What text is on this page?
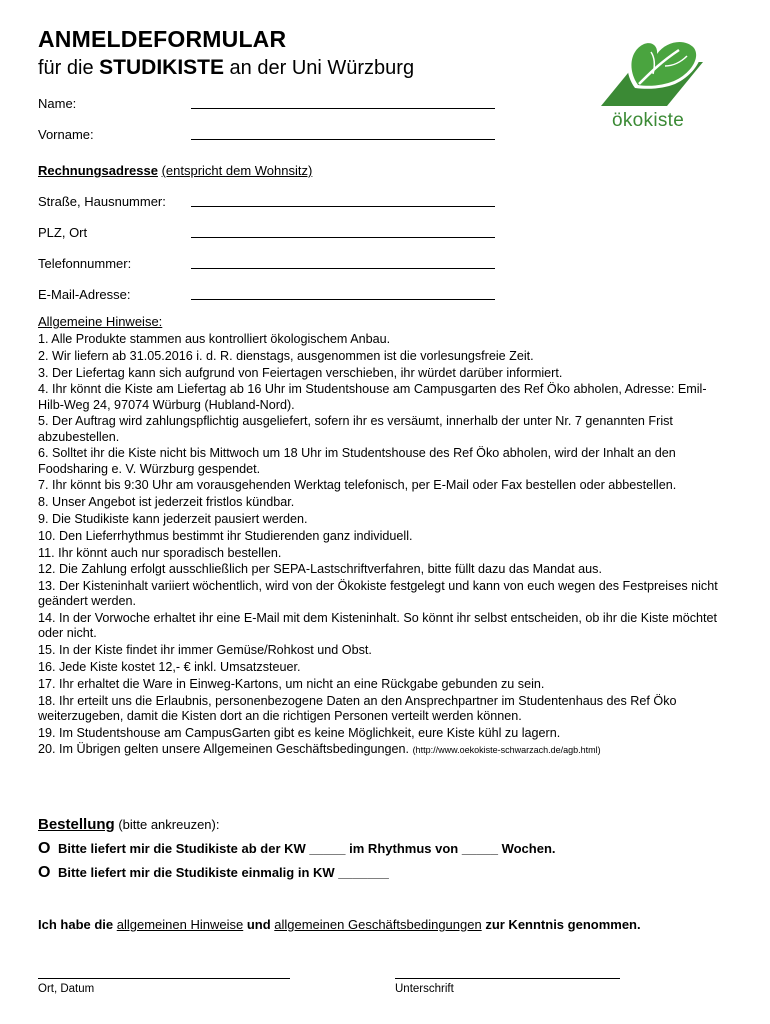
ANMELDEFORMULAR
für die STUDIKISTE an der Uni Würzburg
ökokiste
Name:
Vorname:
Rechnungsadresse (entspricht dem Wohnsitz)
Straße, Hausnummer:
PLZ, Ort
Telefonnummer:
E-Mail-Adresse:
Allgemeine Hinweise:
1. Alle Produkte stammen aus kontrolliert ökologischem Anbau.
2. Wir liefern ab 31.05.2016 i. d. R. dienstags, ausgenommen ist die vorlesungsfreie Zeit.
3. Der Liefertag kann sich aufgrund von Feiertagen verschieben, ihr würdet darüber informiert.
4. Ihr könnt die Kiste am Liefertag ab 16 Uhr im Studentshouse am Campusgarten des Ref Öko abholen, Adresse: Emil-Hilb-Weg 24, 97074 Würburg (Hubland-Nord).
5. Der Auftrag wird zahlungspflichtig ausgeliefert, sofern ihr es versäumt, innerhalb der unter Nr. 7 genannten Frist abzubestellen.
6. Solltet ihr die Kiste nicht bis Mittwoch um 18 Uhr im Studentshouse des Ref Öko abholen, wird der Inhalt an den Foodsharing e. V. Würzburg gespendet.
7. Ihr könnt bis 9:30 Uhr am vorausgehenden Werktag telefonisch, per E-Mail oder Fax bestellen oder abbestellen.
8. Unser Angebot ist jederzeit fristlos kündbar.
9. Die Studikiste kann jederzeit pausiert werden.
10. Den Lieferrhythmus bestimmt ihr Studierenden ganz individuell.
11. Ihr könnt auch nur sporadisch bestellen.
12. Die Zahlung erfolgt ausschließlich per SEPA-Lastschriftverfahren, bitte füllt dazu das Mandat aus.
13. Der Kisteninhalt variiert wöchentlich, wird von der Ökokiste festgelegt und kann von euch wegen des Festpreises nicht geändert werden.
14. In der Vorwoche erhaltet ihr eine E-Mail mit dem Kisteninhalt. So könnt ihr selbst entscheiden, ob ihr die Kiste möchtet oder nicht.
15. In der Kiste findet ihr immer Gemüse/Rohkost und Obst.
16. Jede Kiste kostet 12,- € inkl. Umsatzsteuer.
17. Ihr erhaltet die Ware in Einweg-Kartons, um nicht an eine Rückgabe gebunden zu sein.
18. Ihr erteilt uns die Erlaubnis, personenbezogene Daten an den Ansprechpartner im Studentenhaus des Ref Öko weiterzugeben, damit die Kisten dort an die richtigen Personen verteilt werden können.
19. Im Studentshouse am CampusGarten gibt es keine Möglichkeit, eure Kiste kühl zu lagern.
20. Im Übrigen gelten unsere Allgemeinen Geschäftsbedingungen. (http://www.oekokiste-schwarzach.de/agb.html)
Bestellung (bitte ankreuzen):
O Bitte liefert mir die Studikiste ab der KW _____ im Rhythmus von _____ Wochen.
O Bitte liefert mir die Studikiste einmalig in KW _______
Ich habe die allgemeinen Hinweise und allgemeinen Geschäftsbedingungen zur Kenntnis genommen.
Ort, Datum	Unterschrift
